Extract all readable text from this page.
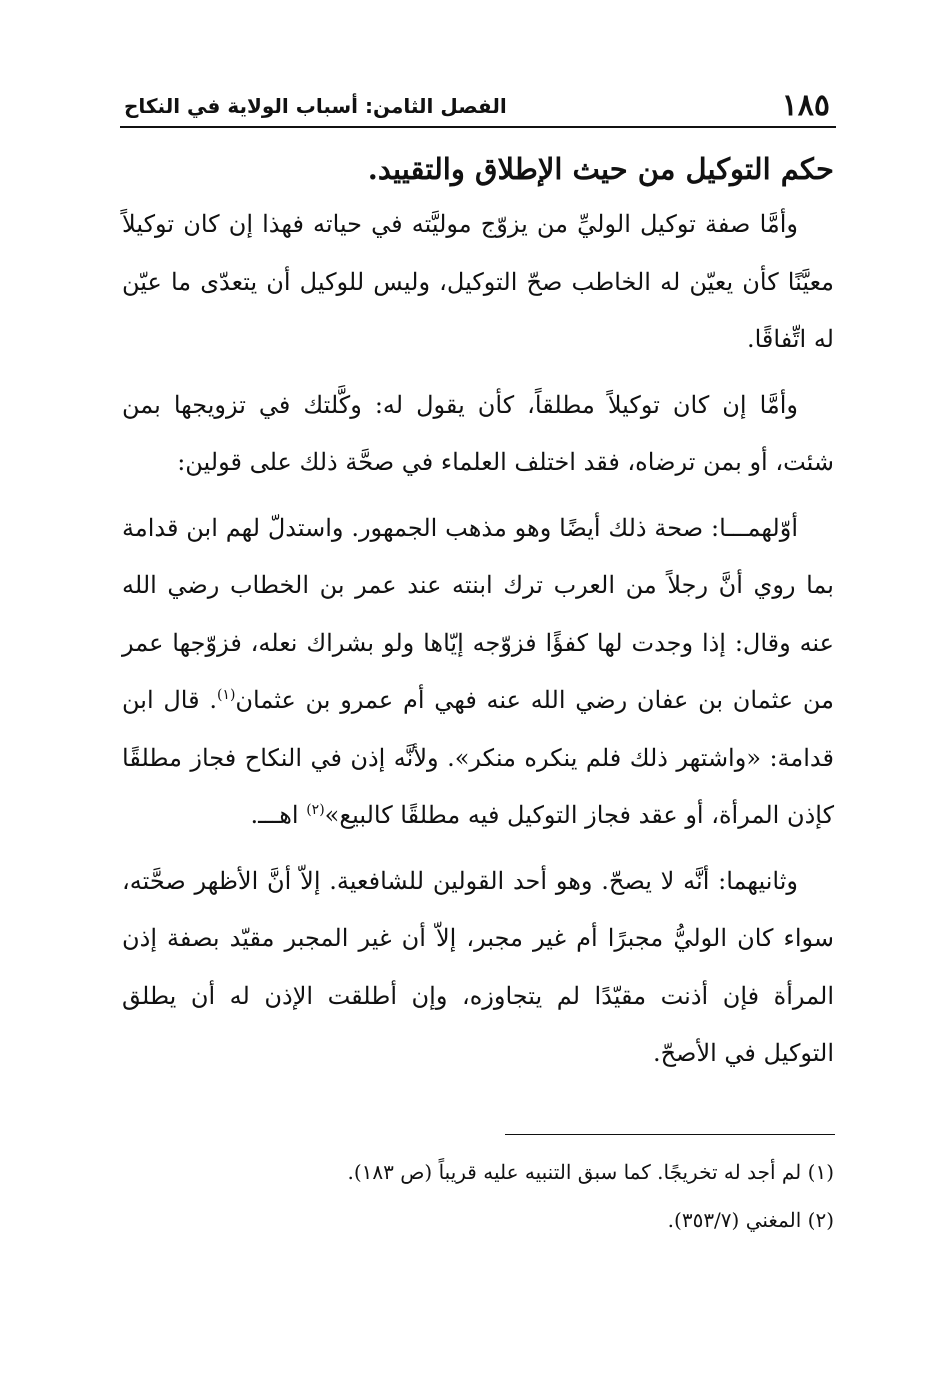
١٨٥
الفصل الثامن: أسباب الولاية في النكاح
حكم التوكيل من حيث الإطلاق والتقييد.

وأمَّا صفة توكيل الوليِّ من يزوّج موليَّته في حياته فهذا إن كان توكيلاً معيَّنًا كأن يعيّن له الخاطب صحّ التوكيل، وليس للوكيل أن يتعدّى ما عيّن له اتِّفاقًا.

وأمَّا إن كان توكيلاً مطلقاً، كأن يقول له: وكَّلتك في تزويجها بمن شئت، أو بمن ترضاه، فقد اختلف العلماء في صحَّة ذلك على قولين:

أوّلهمـــا: صحة ذلك أيضًا وهو مذهب الجمهور. واستدلّ لهم ابن قدامة بما روي أنَّ رجلاً من العرب ترك ابنته عند عمر بن الخطاب رضي الله عنه وقال: إذا وجدت لها كفؤًا فزوّجه إيّاها ولو بشراك نعله، فزوّجها عمر من عثمان بن عفان رضي الله عنه فهي أم عمرو بن عثمان$^{(١)}$. قال ابن قدامة: «واشتهر ذلك فلم ينكره منكر». ولأنَّه إذن في النكاح فجاز مطلقًا كإذن المرأة، أو عقد فجاز التوكيل فيه مطلقًا كالبيع»$^{(٢)}$ اهـــ.

وثانيهما: أنَّه لا يصحّ. وهو أحد القولين للشافعية. إلاّ أنَّ الأظهر صحَّته، سواء كان الوليُّ مجبرًا أم غير مجبر، إلاّ أن غير المجبر مقيّد بصفة إذن المرأة فإن أذنت مقيّدًا لم يتجاوزه، وإن أطلقت الإذن له أن يطلق التوكيل في الأصحّ.

(١) لم أجد له تخريجًا. كما سبق التنبيه عليه قريباً (ص ١٨٣).

(٢) المغني (٣٥٣/٧).
